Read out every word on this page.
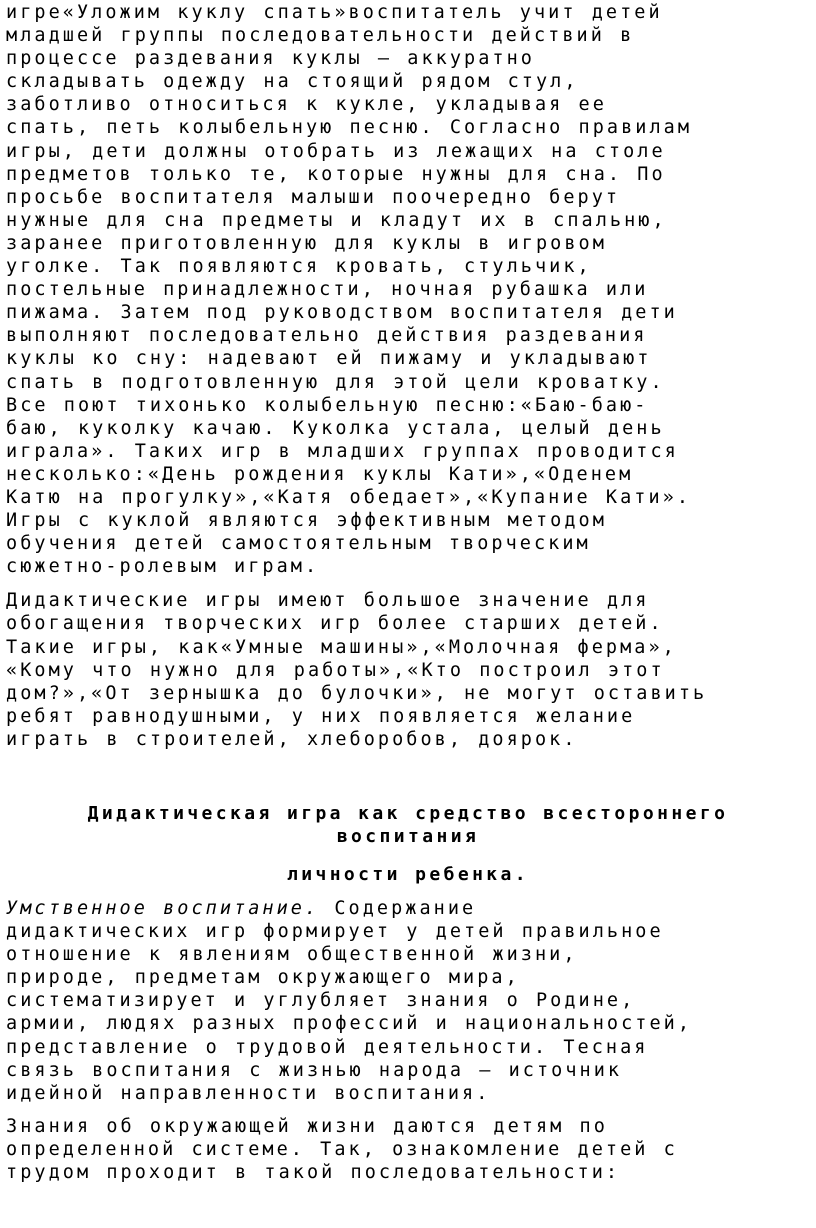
игре«Уложим куклу спать»воспитатель учит детей
младшей группы последовательности действий в
процессе раздевания куклы – аккуратно
складывать одежду на стоящий рядом стул,
заботливо относиться к кукле, укладывая ее
спать, петь колыбельную песню. Согласно правилам
игры, дети должны отобрать из лежащих на столе
предметов только те, которые нужны для сна. По
просьбе воспитателя малыши поочередно берут
нужные для сна предметы и кладут их в спальню,
заранее приготовленную для куклы в игровом
уголке. Так появляются кровать, стульчик,
постельные принадлежности, ночная рубашка или
пижама. Затем под руководством воспитателя дети
выполняют последовательно действия раздевания
куклы ко сну: надевают ей пижаму и укладывают
спать в подготовленную для этой цели кроватку.
Все поют тихонько колыбельную песню:«Баю-баю-
баю, куколку качаю. Куколка устала, целый день
играла». Таких игр в младших группах проводится
несколько:«День рождения куклы Кати»,«Оденем
Катю на прогулку»,«Катя обедает»,«Купание Кати».
Игры с куклой являются эффективным методом
обучения детей самостоятельным творческим
сюжетно-ролевым играм.

Дидактические игры имеют большое значение для
обогащения творческих игр более старших детей.
Такие игры, как«Умные машины»,«Молочная ферма»,
«Кому что нужно для работы»,«Кто построил этот
дом?»,«От зернышка до булочки», не могут оставить
ребят равнодушными, у них появляется желание
играть в строителей, хлеборобов, доярок.

Дидактическая игра как средство всестороннего
воспитания
личности ребенка.

Умственное воспитание. Содержание
дидактических игр формирует у детей правильное
отношение к явлениям общественной жизни,
природе, предметам окружающего мира,
систематизирует и углубляет знания о Родине,
армии, людях разных профессий и национальностей,
представление о трудовой деятельности. Тесная
связь воспитания с жизнью народа – источник
идейной направленности воспитания.

Знания об окружающей жизни даются детям по
определенной системе. Так, ознакомление детей с
трудом проходит в такой последовательности:
